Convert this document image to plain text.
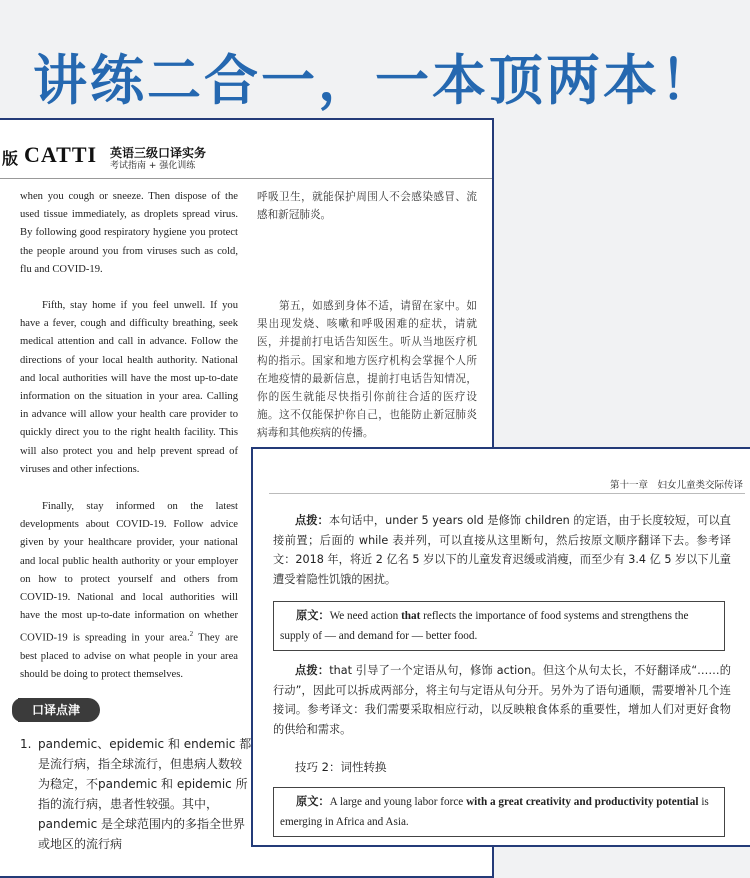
讲练二合一，一本顶两本！
版 CATTI 英语三级口译实务
考试指南 + 强化训练

when you cough or sneeze. Then dispose of the used tissue immediately, as droplets spread virus. By following good respiratory hygiene you protect the people around you from viruses such as cold, flu and COVID-19.

Fifth, stay home if you feel unwell. If you have a fever, cough and difficulty breathing, seek medical attention and call in advance. Follow the directions of your local health authority. National and local authorities will have the most up-to-date information on the situation in your area. Calling in advance will allow your health care provider to quickly direct you to the right health facility. This will also protect you and help prevent spread of viruses and other infections.

Finally, stay informed on the latest developments about COVID-19. Follow advice given by your healthcare provider, your national and local public health authority or your employer on how to protect yourself and others from COVID-19. National and local authorities will have the most up-to-date information on whether COVID-19 is spreading in your area.$^2$ They are best placed to advise on what people in your area should be doing to protect themselves.

呼吸卫生，就能保护周围人不会感染感冒、流感和新冠肺炎。

第五，如感到身体不适，请留在家中。如果出现发烧、咳嗽和呼吸困难的症状，请就医，并提前打电话告知医生。听从当地医疗机构的指示。国家和地方医疗机构会掌握个人所在地疫情的最新信息，提前打电话告知情况，你的医生就能尽快指引你前往合适的医疗设施。这不仅能保护你自己，也能防止新冠肺炎病毒和其他疾病的传播。

口译点津
1. pandemic、epidemic 和 endemic 都是流行病，指全球流行，但患病人数较为稳定，不pandemic 和 epidemic 所指的流行病，患者性较强。其中，pandemic 是全球范围内的多指全世界或地区的流行病
第十一章　妇女儿童类交际传译

点拨：本句话中，under 5 years old 是修饰 children 的定语，由于长度较短，可以直接前置；后面的 while 表并列，可以直接从这里断句，然后按原文顺序翻译下去。参考译文：2018 年，将近 2 亿名 5 岁以下的儿童发育迟缓或消瘦，而至少有 3.4 亿 5 岁以下儿童遭受着隐性饥饿的困扰。

原文：We need action that reflects the importance of food systems and strengthens the supply of — and demand for — better food.

点拨：that 引导了一个定语从句，修饰 action。但这个从句太长，不好翻译成“……的行动”，因此可以拆成两部分，将主句与定语从句分开。另外为了语句通顺，需要增补几个连接词。参考译文：我们需要采取相应行动，以反映粮食体系的重要性，增加人们对更好食物的供给和需求。

技巧 2：词性转换
原文：A large and young labor force with a great creativity and productivity potential is emerging in Africa and Asia.
